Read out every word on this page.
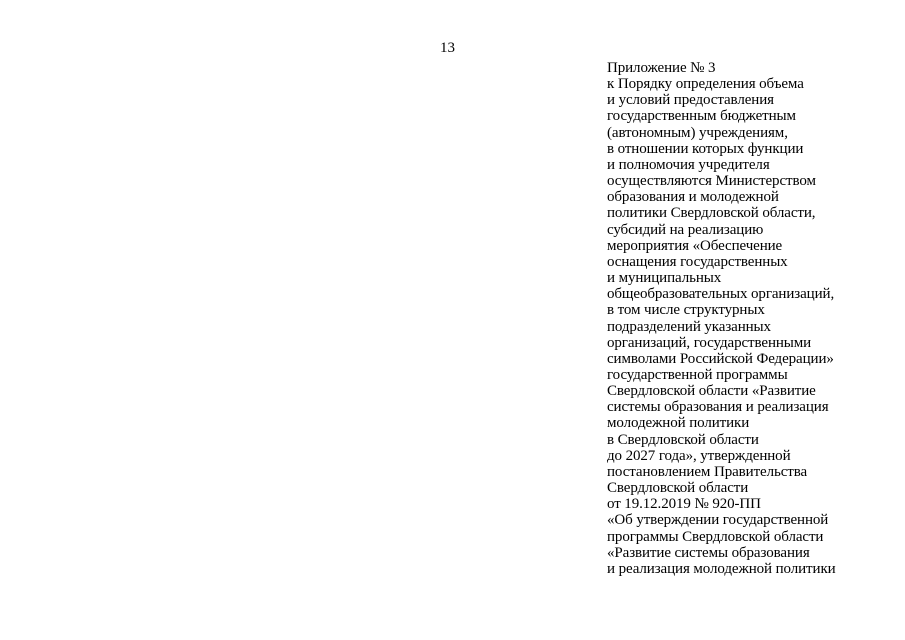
13
Приложение № 3
к Порядку определения объема
и условий предоставления
государственным бюджетным
(автономным) учреждениям,
в отношении которых функции
и полномочия учредителя
осуществляются Министерством
образования и молодежной
политики Свердловской области,
субсидий на реализацию
мероприятия «Обеспечение
оснащения государственных
и муниципальных
общеобразовательных организаций,
в том числе структурных
подразделений указанных
организаций, государственными
символами Российской Федерации»
государственной программы
Свердловской области «Развитие
системы образования и реализация
молодежной политики
в Свердловской области
до 2027 года», утвержденной
постановлением Правительства
Свердловской области
от 19.12.2019 № 920-ПП
«Об утверждении государственной
программы Свердловской области
«Развитие системы образования
и реализация молодежной политики
